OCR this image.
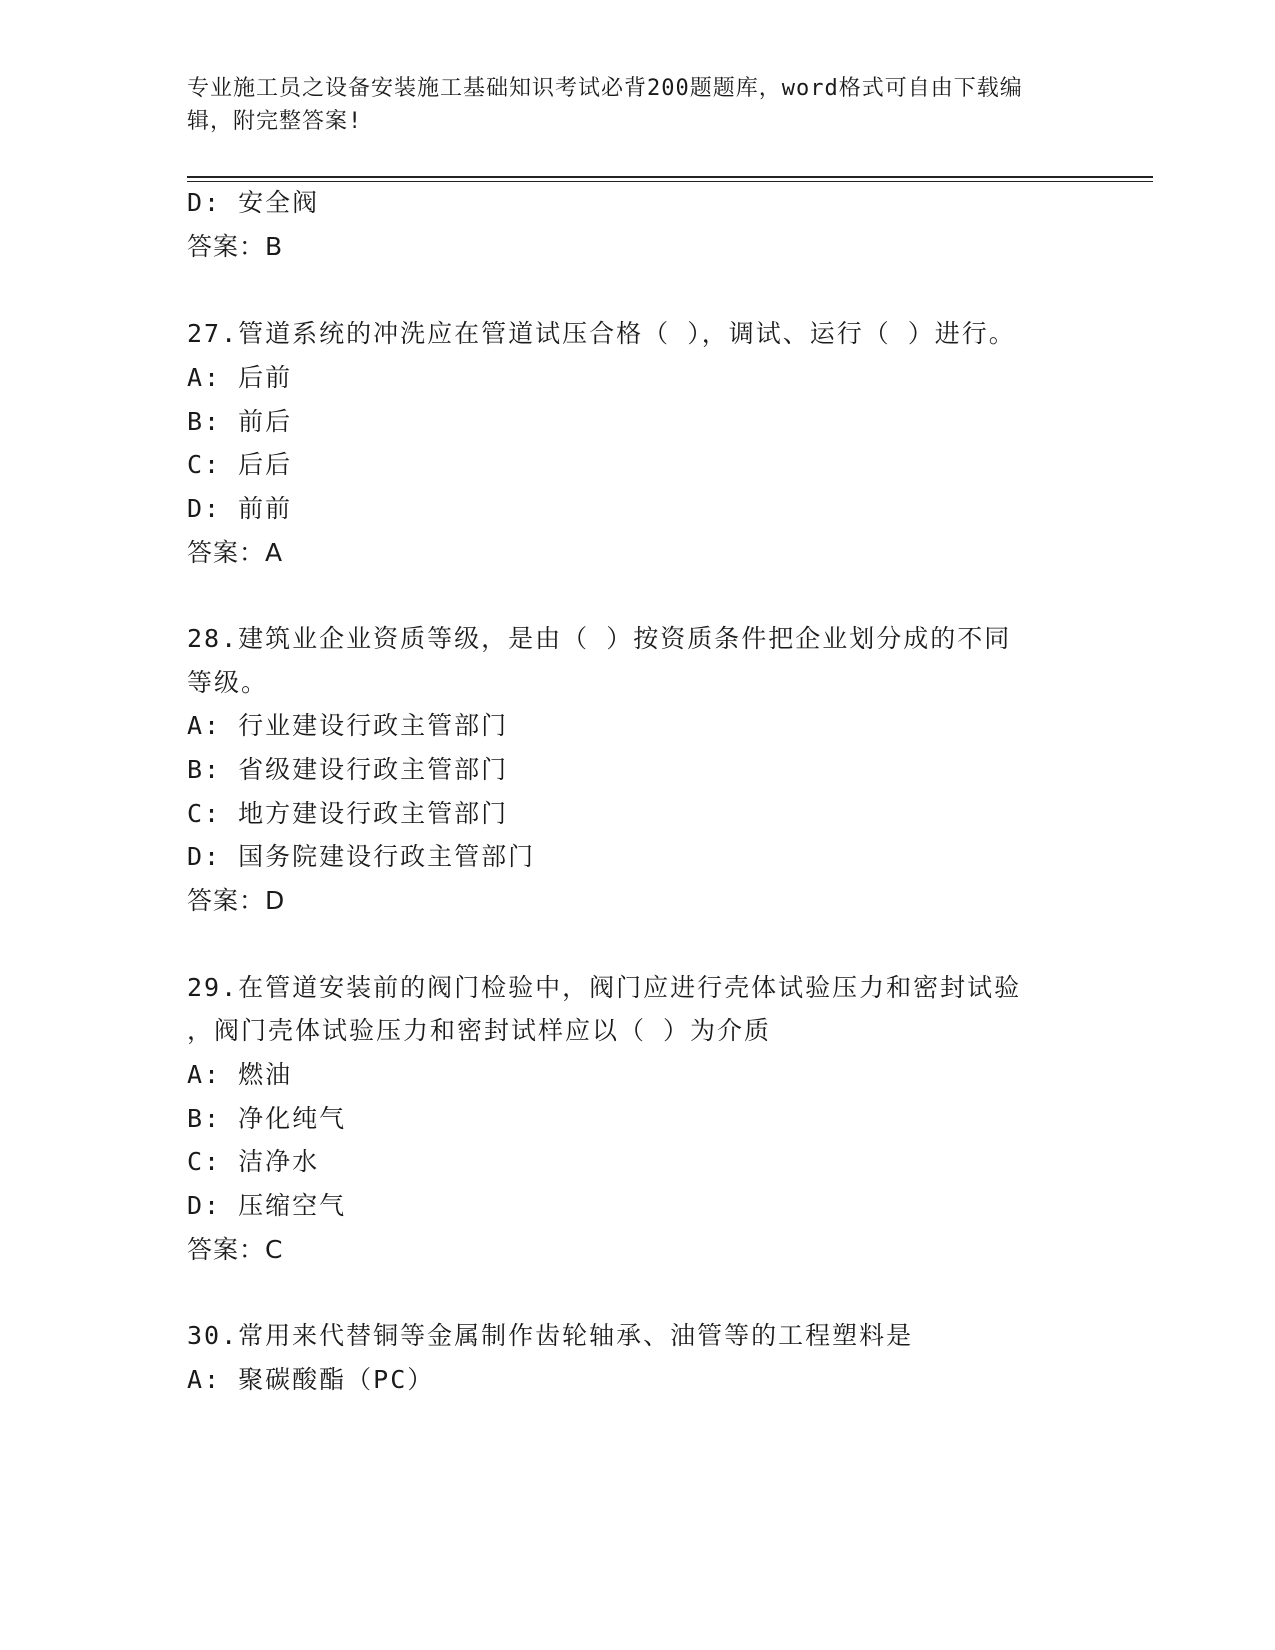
专业施工员之设备安装施工基础知识考试必背200题题库，word格式可自由下载编辑，附完整答案!
D: 安全阀
答案：B
27.管道系统的冲洗应在管道试压合格（ ），调试、运行（ ）进行。
A: 后前
B: 前后
C: 后后
D: 前前
答案：A
28.建筑业企业资质等级，是由（ ）按资质条件把企业划分成的不同
等级。
A: 行业建设行政主管部门
B: 省级建设行政主管部门
C: 地方建设行政主管部门
D: 国务院建设行政主管部门
答案：D
29.在管道安装前的阀门检验中，阀门应进行壳体试验压力和密封试验
，阀门壳体试验压力和密封试样应以（ ）为介质
A: 燃油
B: 净化纯气
C: 洁净水
D: 压缩空气
答案：C
30.常用来代替铜等金属制作齿轮轴承、油管等的工程塑料是
A: 聚碳酸酯（PC）
